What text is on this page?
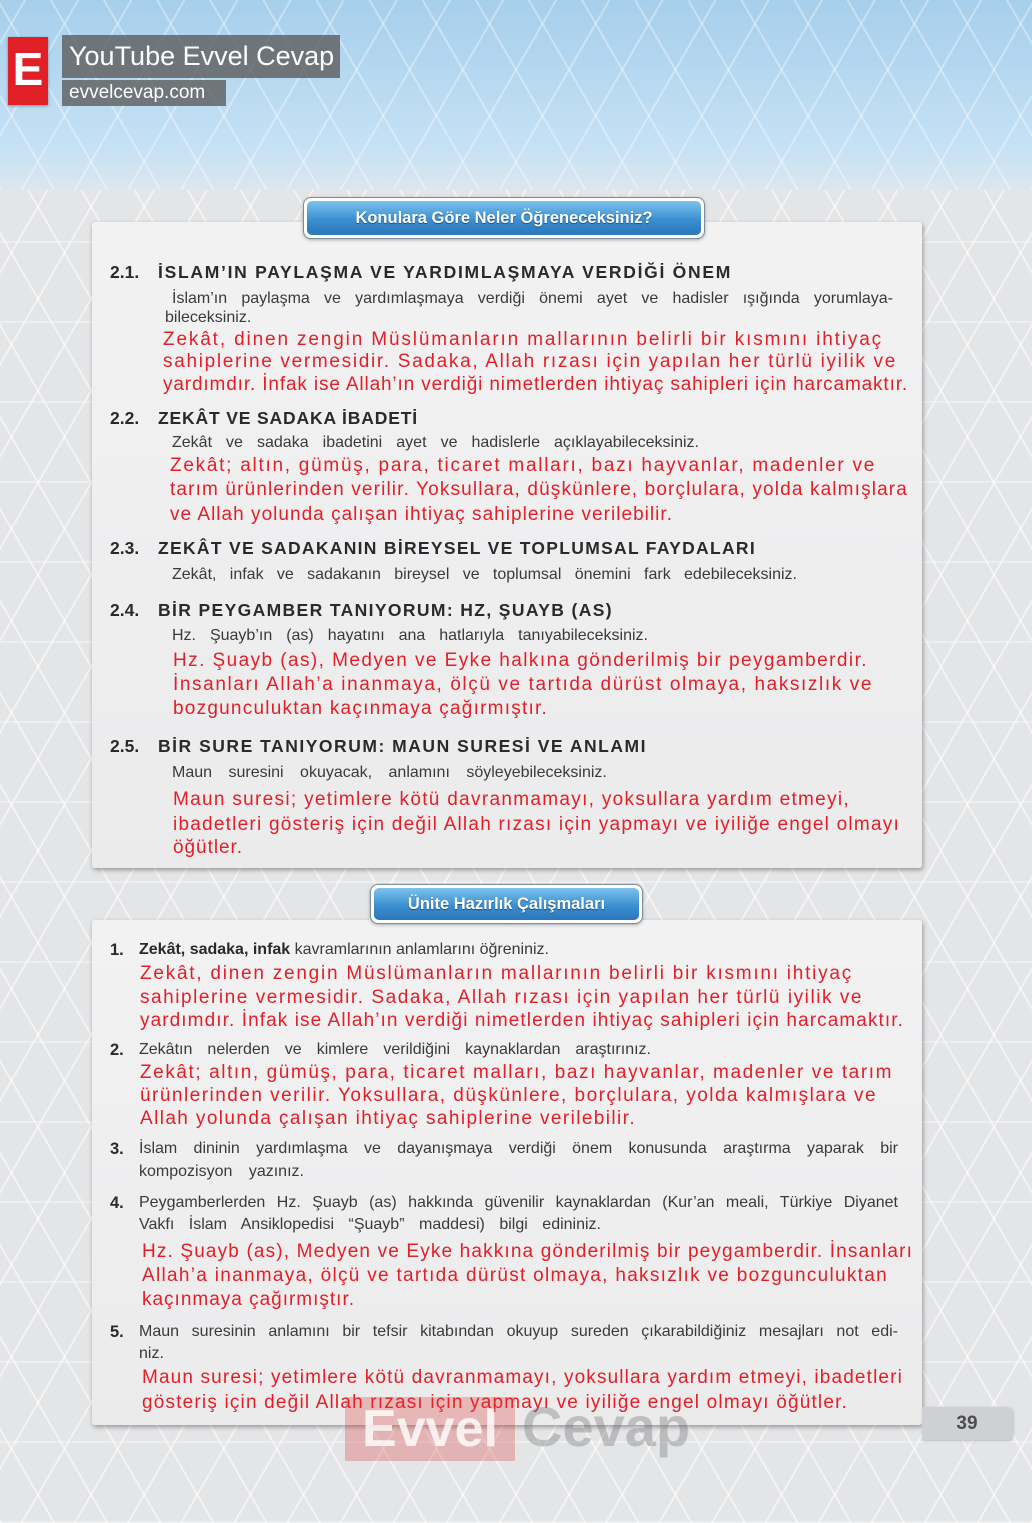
E YouTube Evvel Cevap
evvelcevap.com
Konulara Göre Neler Öğreneceksiniz?
2.1. İSLAM’IN PAYLAŞMA VE YARDIMLAŞMAYA VERDİĞİ ÖNEM
İslam’ın paylaşma ve yardımlaşmaya verdiği önemi ayet ve hadisler ışığında yorumlaya-
bileceksiniz.
Zekât, dinen zengin Müslümanların mallarının belirli bir kısmını ihtiyaç
sahiplerine vermesidir. Sadaka, Allah rızası için yapılan her türlü iyilik ve
yardımdır. İnfak ise Allah’ın verdiği nimetlerden ihtiyaç sahipleri için harcamaktır.
2.2. ZEKÂT VE SADAKA İBADETİ
Zekât ve sadaka ibadetini ayet ve hadislerle açıklayabileceksiniz.
Zekât; altın, gümüş, para, ticaret malları, bazı hayvanlar, madenler ve
tarım ürünlerinden verilir. Yoksullara, düşkünlere, borçlulara, yolda kalmışlara
ve Allah yolunda çalışan ihtiyaç sahiplerine verilebilir.
2.3. ZEKÂT VE SADAKANIN BİREYSEL VE TOPLUMSAL FAYDALARI
Zekât, infak ve sadakanın bireysel ve toplumsal önemini fark edebileceksiniz.
2.4. BİR PEYGAMBER TANIYORUM: HZ, ŞUAYB (AS)
Hz. Şuayb’ın (as) hayatını ana hatlarıyla tanıyabileceksiniz.
Hz. Şuayb (as), Medyen ve Eyke halkına gönderilmiş bir peygamberdir.
İnsanları Allah’a inanmaya, ölçü ve tartıda dürüst olmaya, haksızlık ve
bozgunculuktan kaçınmaya çağırmıştır.
2.5. BİR SURE TANIYORUM: MAUN SURESİ VE ANLAMI
Maun suresini okuyacak, anlamını söyleyebileceksiniz.
Maun suresi; yetimlere kötü davranmamayı, yoksullara yardım etmeyi,
ibadetleri gösteriş için değil Allah rızası için yapmayı ve iyiliğe engel olmayı
öğütler.
Ünite Hazırlık Çalışmaları
1. Zekât, sadaka, infak kavramlarının anlamlarını öğreniniz.
Zekât, dinen zengin Müslümanların mallarının belirli bir kısmını ihtiyaç
sahiplerine vermesidir. Sadaka, Allah rızası için yapılan her türlü iyilik ve
yardımdır. İnfak ise Allah’ın verdiği nimetlerden ihtiyaç sahipleri için harcamaktır.
2. Zekâtın nelerden ve kimlere verildiğini kaynaklardan araştırınız.
Zekât; altın, gümüş, para, ticaret malları, bazı hayvanlar, madenler ve tarım
ürünlerinden verilir. Yoksullara, düşkünlere, borçlulara, yolda kalmışlara ve
Allah yolunda çalışan ihtiyaç sahiplerine verilebilir.
3. İslam dininin yardımlaşma ve dayanışmaya verdiği önem konusunda araştırma yaparak bir
kompozisyon yazınız.
4. Peygamberlerden Hz. Şuayb (as) hakkında güvenilir kaynaklardan (Kur’an meali, Türkiye Diyanet
Vakfı İslam Ansiklopedisi “Şuayb” maddesi) bilgi edininiz.
Hz. Şuayb (as), Medyen ve Eyke hakkına gönderilmiş bir peygamberdir. İnsanları
Allah’a inanmaya, ölçü ve tartıda dürüst olmaya, haksızlık ve bozgunculuktan
kaçınmaya çağırmıştır.
5. Maun suresinin anlamını bir tefsir kitabından okuyup sureden çıkarabildiğiniz mesajları not edi-
niz.
Maun suresi; yetimlere kötü davranmamayı, yoksullara yardım etmeyi, ibadetleri
gösteriş için değil Allah rızası için yapmayı ve iyiliğe engel olmayı öğütler.
39
Evvel Cevap
